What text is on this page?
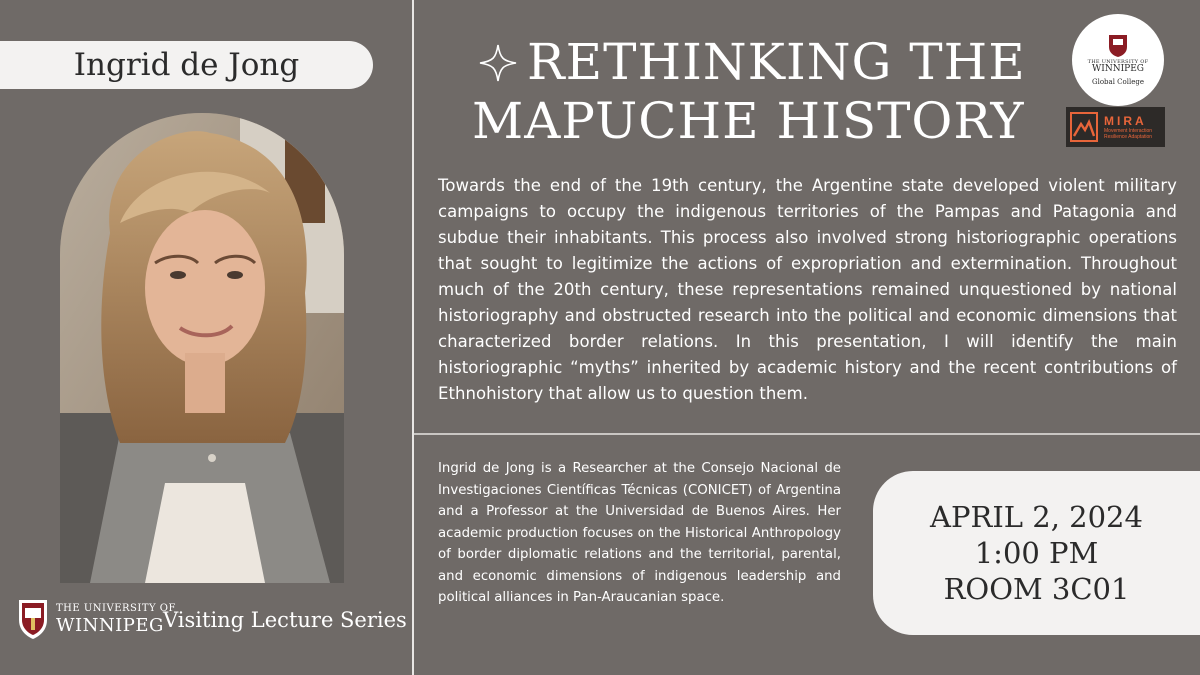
Ingrid de Jong
THE UNIVERSITY OF
WINNIPEG Visiting Lecture Series
RETHINKING THE
MAPUCHE HISTORY
THE UNIVERSITY OF
WINNIPEG
Global College
MIRA
Movement Interaction Resilience Adaptation
Towards the end of the 19th century, the Argentine state developed violent military campaigns to occupy the indigenous territories of the Pampas and Patagonia and subdue their inhabitants. This process also involved strong historiographic operations that sought to legitimize the actions of expropriation and extermination. Throughout much of the 20th century, these representations remained unquestioned by national historiography and obstructed research into the political and economic dimensions that characterized border relations. In this presentation, I will identify the main historiographic “myths” inherited by academic history and the recent contributions of Ethnohistory that allow us to question them.
Ingrid de Jong is a Researcher at the Consejo Nacional de Investigaciones Científicas Técnicas (CONICET) of Argentina and a Professor at the Universidad de Buenos Aires. Her academic production focuses on the Historical Anthropology of border diplomatic relations and the territorial, parental, and economic dimensions of indigenous leadership and political alliances in Pan-Araucanian space.
APRIL 2, 2024
1:00 PM
ROOM 3C01
